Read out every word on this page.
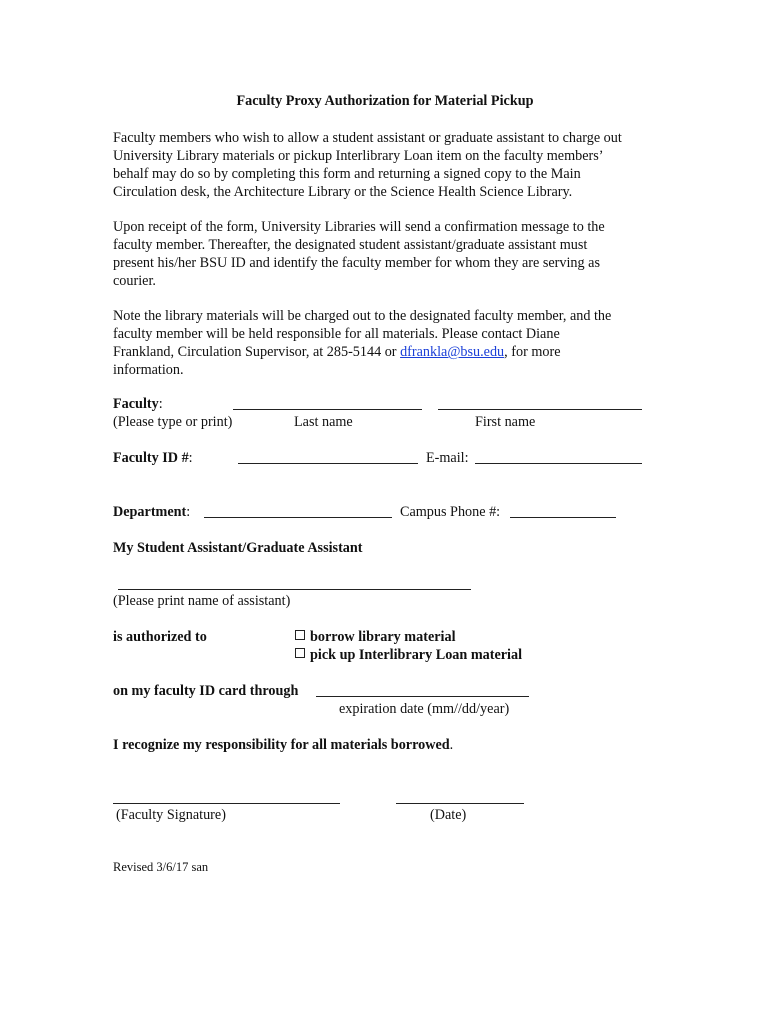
Faculty Proxy Authorization for Material Pickup
Faculty members who wish to allow a student assistant or graduate assistant to charge out
University Library materials or pickup Interlibrary Loan item on the faculty members’
behalf may do so by completing this form and returning a signed copy to the Main
Circulation desk, the Architecture Library or the Science Health Science Library.
Upon receipt of the form, University Libraries will send a confirmation message to the
faculty member. Thereafter, the designated student assistant/graduate assistant must
present his/her BSU ID and identify the faculty member for whom they are serving as
courier.
Note the library materials will be charged out to the designated faculty member, and the
faculty member will be held responsible for all materials. Please contact Diane
Frankland, Circulation Supervisor, at 285-5144 or dfrankla@bsu.edu, for more
information.
Faculty:
(Please type or print)	Last name	First name
Faculty ID #:	E-mail:
Department:	Campus Phone #:
My Student Assistant/Graduate Assistant
(Please print name of assistant)
is authorized to	borrow library material
pick up Interlibrary Loan material
on my faculty ID card through
expiration date (mm//dd/year)
I recognize my responsibility for all materials borrowed.
(Faculty Signature)	(Date)
Revised 3/6/17 san
